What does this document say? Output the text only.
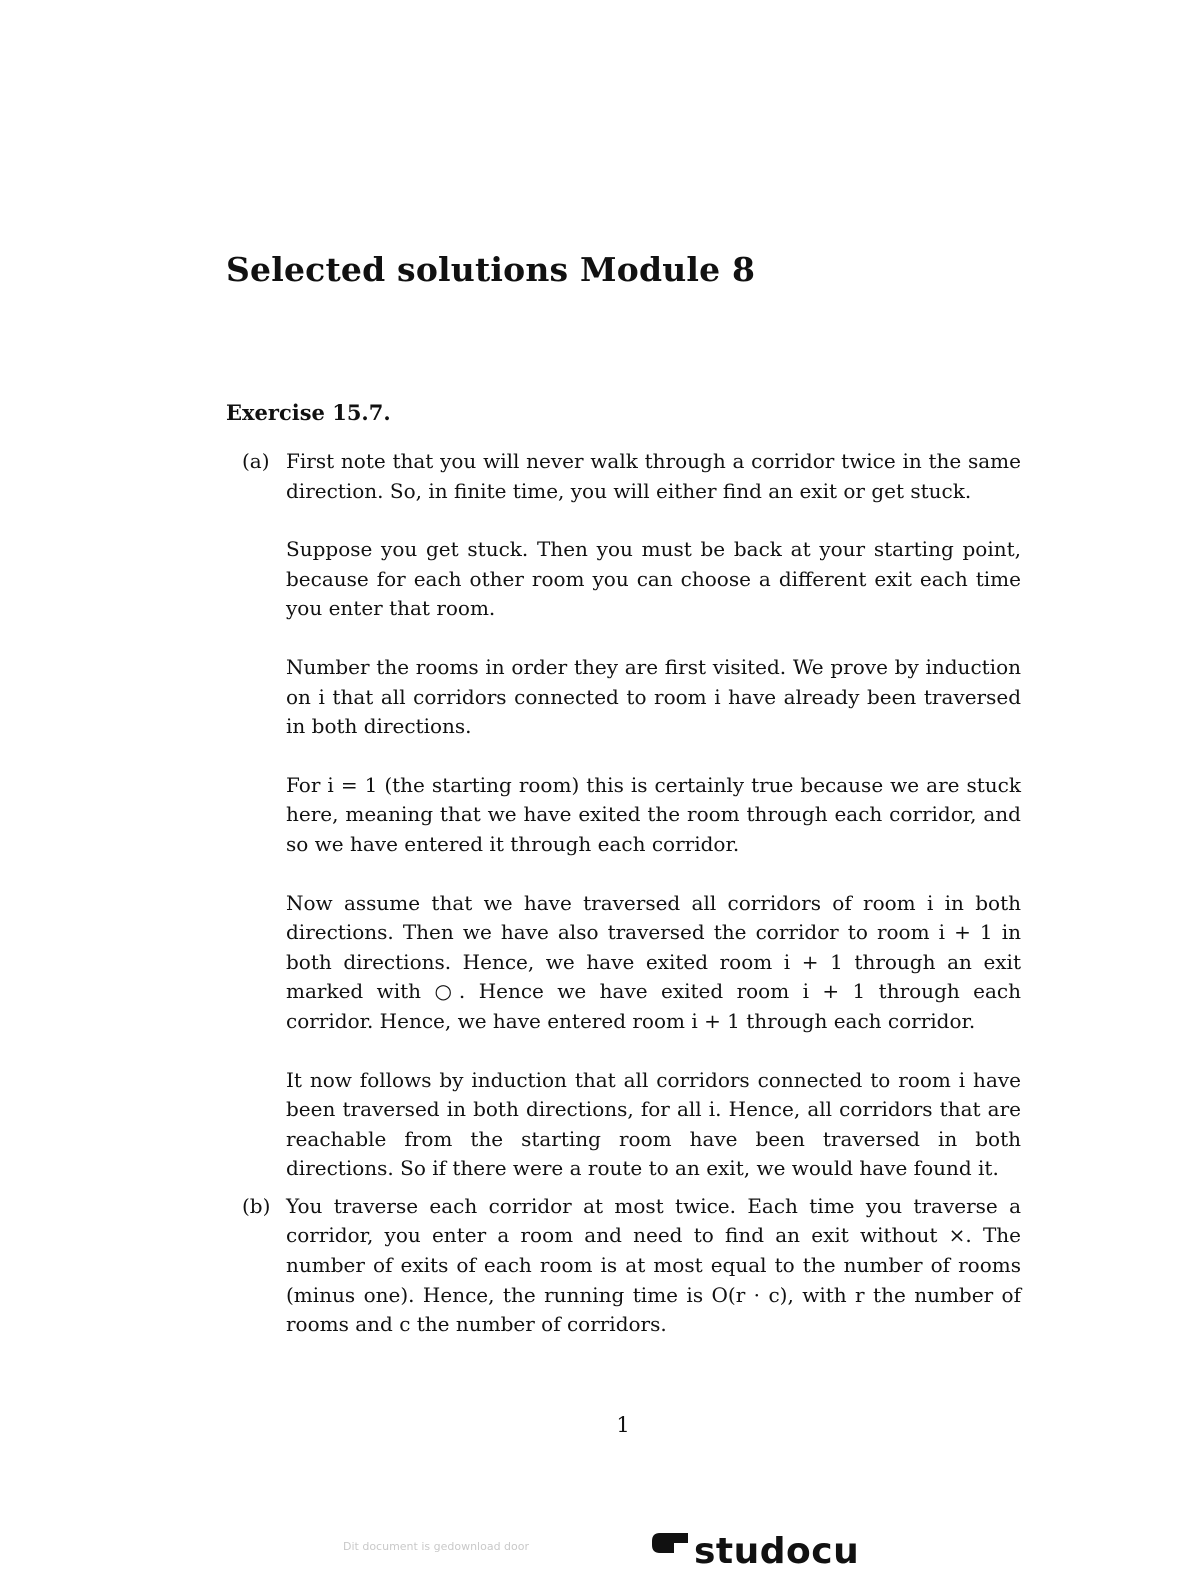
Selected solutions Module 8
Exercise 15.7.
(a) First note that you will never walk through a corridor twice in the same direction. So, in finite time, you will either find an exit or get stuck.

Suppose you get stuck. Then you must be back at your starting point, because for each other room you can choose a different exit each time you enter that room.

Number the rooms in order they are first visited. We prove by induction on i that all corridors connected to room i have already been traversed in both directions.

For i = 1 (the starting room) this is certainly true because we are stuck here, meaning that we have exited the room through each corridor, and so we have entered it through each corridor.

Now assume that we have traversed all corridors of room i in both directions. Then we have also traversed the corridor to room i + 1 in both directions. Hence, we have exited room i + 1 through an exit marked with ○. Hence we have exited room i + 1 through each corridor. Hence, we have entered room i + 1 through each corridor.

It now follows by induction that all corridors connected to room i have been traversed in both directions, for all i. Hence, all corridors that are reachable from the starting room have been traversed in both directions. So if there were a route to an exit, we would have found it.

(b) You traverse each corridor at most twice. Each time you traverse a corridor, you enter a room and need to find an exit without ×. The number of exits of each room is at most equal to the number of rooms (minus one). Hence, the running time is O(r · c), with r the number of rooms and c the number of corridors.

1
Dit document is gedownload door	studocu
